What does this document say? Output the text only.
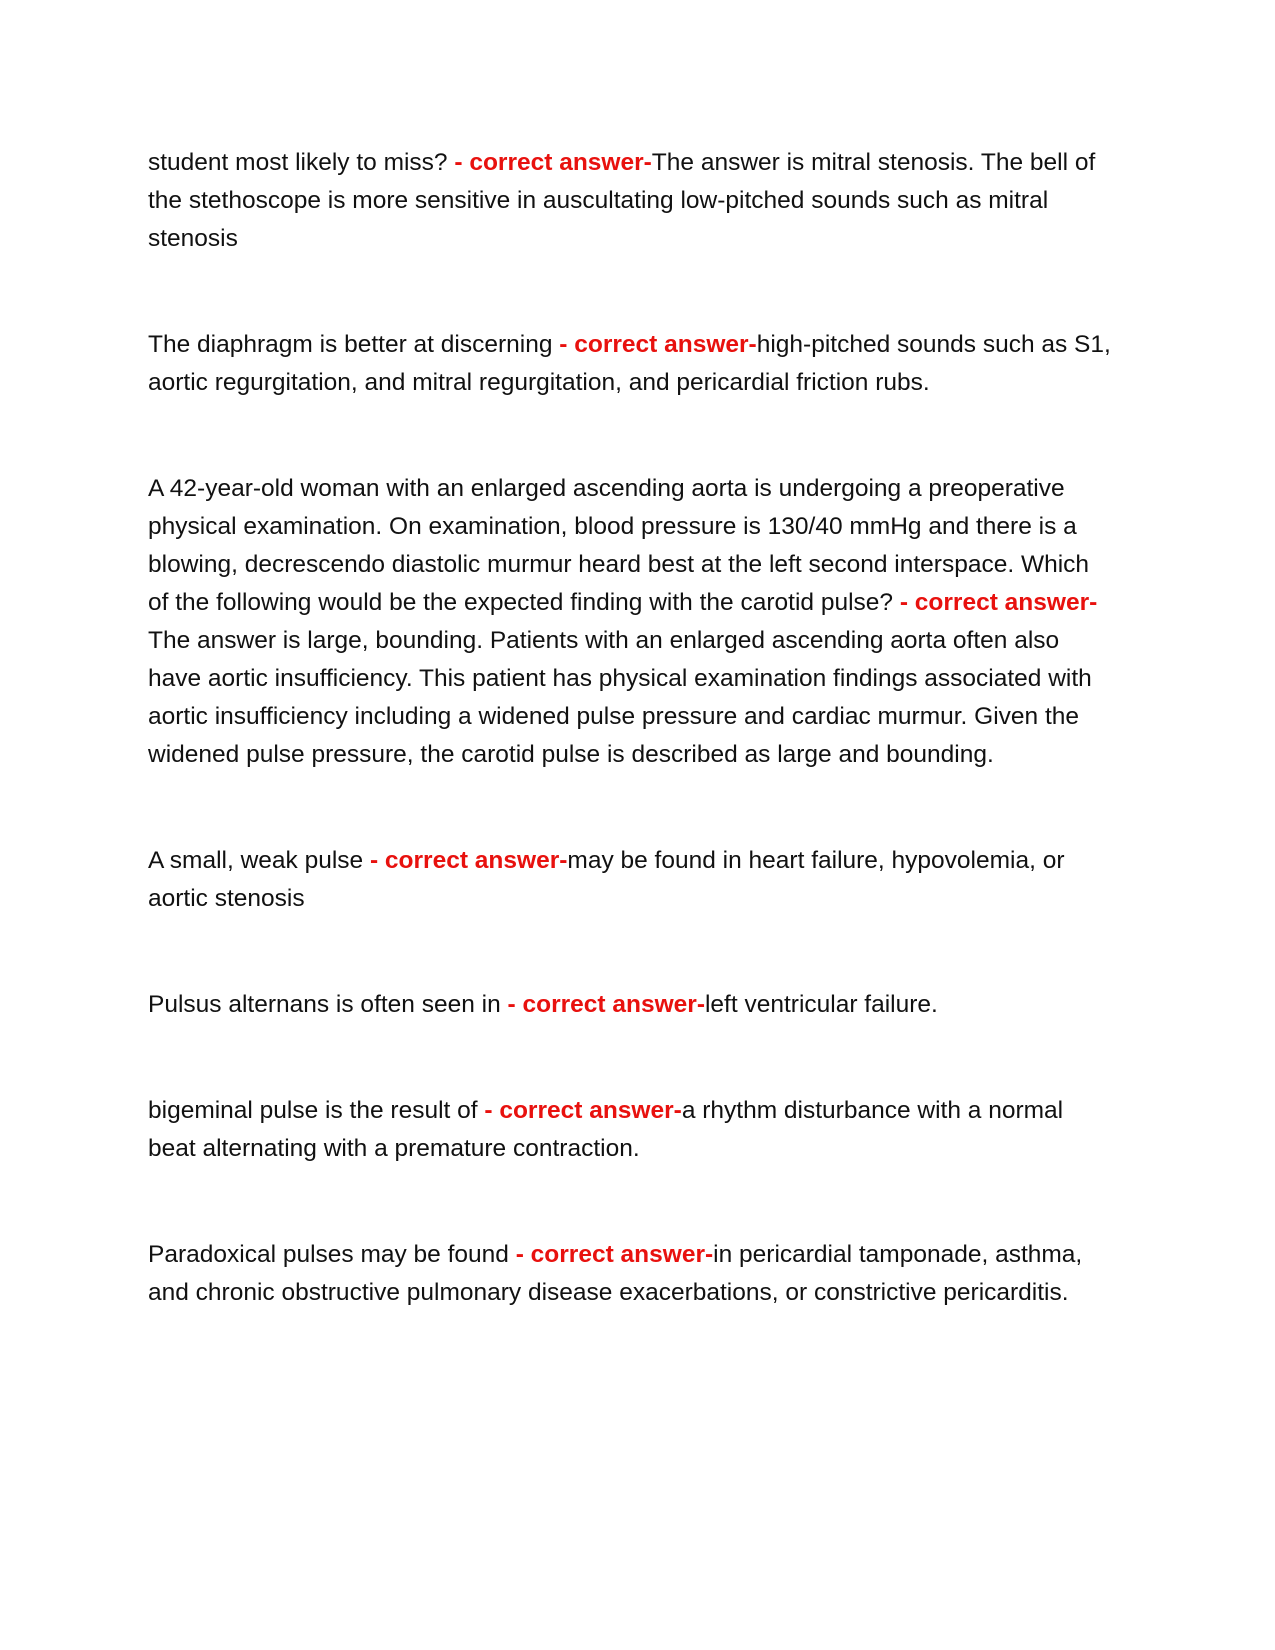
student most likely to miss? - correct answer-The answer is mitral stenosis. The bell of the stethoscope is more sensitive in auscultating low-pitched sounds such as mitral stenosis

The diaphragm is better at discerning - correct answer-high-pitched sounds such as S1, aortic regurgitation, and mitral regurgitation, and pericardial friction rubs.

A 42-year-old woman with an enlarged ascending aorta is undergoing a preoperative physical examination. On examination, blood pressure is 130/40 mmHg and there is a blowing, decrescendo diastolic murmur heard best at the left second interspace. Which of the following would be the expected finding with the carotid pulse? - correct answer-The answer is large, bounding. Patients with an enlarged ascending aorta often also have aortic insufficiency. This patient has physical examination findings associated with aortic insufficiency including a widened pulse pressure and cardiac murmur. Given the widened pulse pressure, the carotid pulse is described as large and bounding.

A small, weak pulse - correct answer-may be found in heart failure, hypovolemia, or aortic stenosis

Pulsus alternans is often seen in - correct answer-left ventricular failure.

bigeminal pulse is the result of - correct answer-a rhythm disturbance with a normal beat alternating with a premature contraction.

Paradoxical pulses may be found - correct answer-in pericardial tamponade, asthma, and chronic obstructive pulmonary disease exacerbations, or constrictive pericarditis.
